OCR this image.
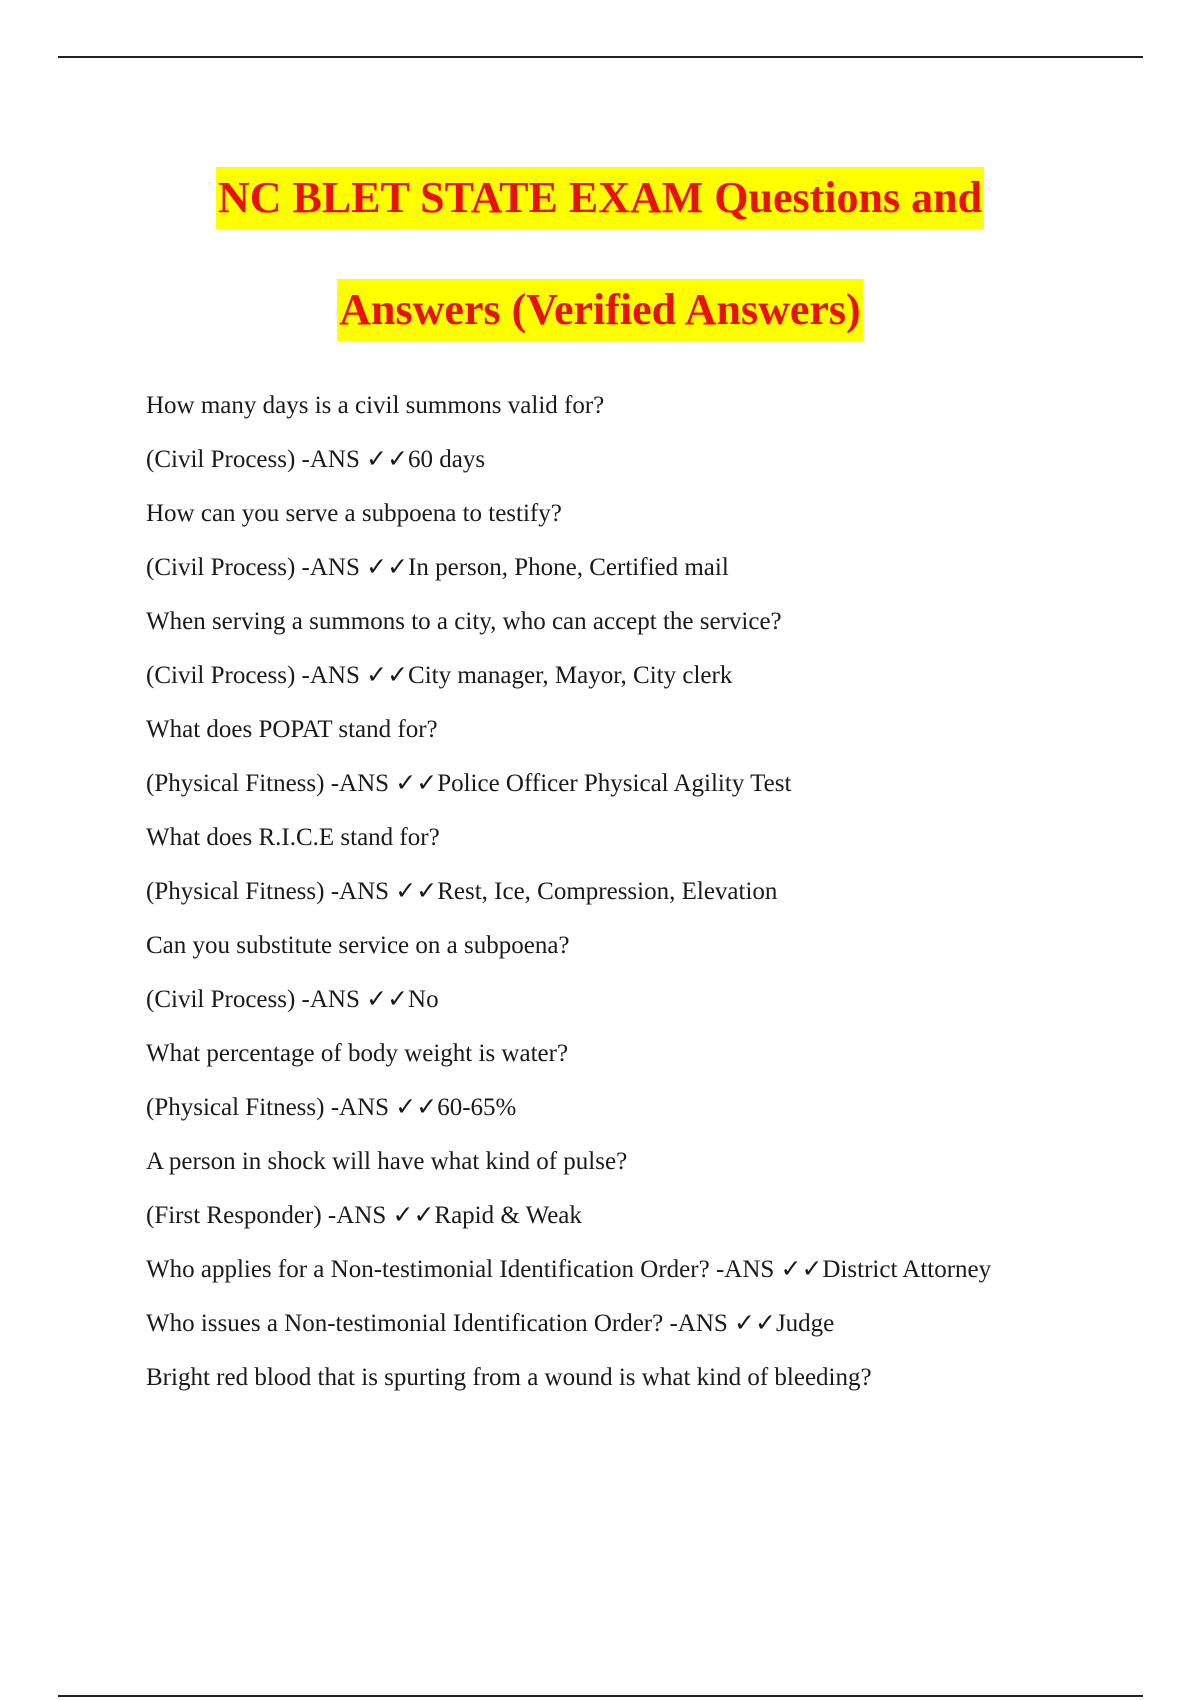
NC BLET STATE EXAM Questions and
Answers (Verified Answers)
How many days is a civil summons valid for?
(Civil Process) -ANS ✓✓60 days
How can you serve a subpoena to testify?
(Civil Process) -ANS ✓✓In person, Phone, Certified mail
When serving a summons to a city, who can accept the service?
(Civil Process) -ANS ✓✓City manager, Mayor, City clerk
What does POPAT stand for?
(Physical Fitness) -ANS ✓✓Police Officer Physical Agility Test
What does R.I.C.E stand for?
(Physical Fitness) -ANS ✓✓Rest, Ice, Compression, Elevation
Can you substitute service on a subpoena?
(Civil Process) -ANS ✓✓No
What percentage of body weight is water?
(Physical Fitness) -ANS ✓✓60-65%
A person in shock will have what kind of pulse?
(First Responder) -ANS ✓✓Rapid & Weak
Who applies for a Non-testimonial Identification Order? -ANS ✓✓District Attorney
Who issues a Non-testimonial Identification Order? -ANS ✓✓Judge
Bright red blood that is spurting from a wound is what kind of bleeding?
